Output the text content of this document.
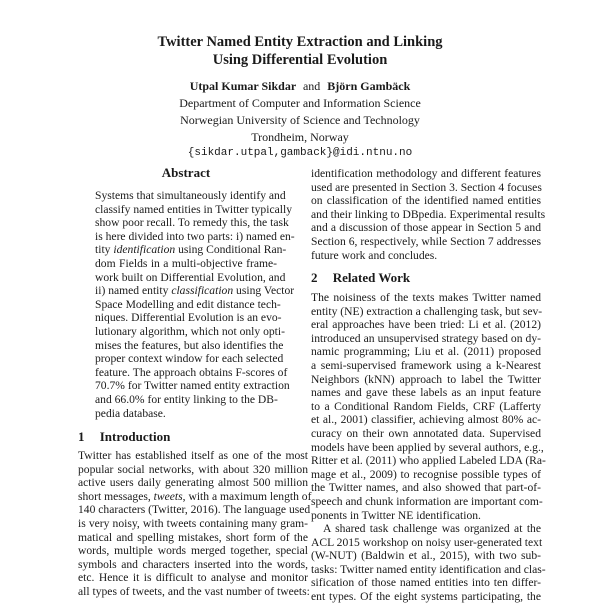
Twitter Named Entity Extraction and Linking
Using Differential Evolution
Utpal Kumar Sikdar and Björn Gambäck
Department of Computer and Information Science
Norwegian University of Science and Technology
Trondheim, Norway
{sikdar.utpal,gamback}@idi.ntnu.no
Abstract
Systems that simultaneously identify and
classify named entities in Twitter typically
show poor recall. To remedy this, the task
is here divided into two parts: i) named en-
tity identification using Conditional Ran-
dom Fields in a multi-objective frame-
work built on Differential Evolution, and
ii) named entity classification using Vector
Space Modelling and edit distance tech-
niques. Differential Evolution is an evo-
lutionary algorithm, which not only opti-
mises the features, but also identifies the
proper context window for each selected
feature. The approach obtains F-scores of
70.7% for Twitter named entity extraction
and 66.0% for entity linking to the DB-
pedia database.
1 Introduction
Twitter has established itself as one of the most
popular social networks, with about 320 million
active users daily generating almost 500 million
short messages, tweets, with a maximum length of
140 characters (Twitter, 2016). The language used
is very noisy, with tweets containing many gram-
matical and spelling mistakes, short form of the
words, multiple words merged together, special
symbols and characters inserted into the words,
etc. Hence it is difficult to analyse and monitor
all types of tweets, and the vast number of tweets:
identification methodology and different features
used are presented in Section 3. Section 4 focuses
on classification of the identified named entities
and their linking to DBpedia. Experimental results
and a discussion of those appear in Section 5 and
Section 6, respectively, while Section 7 addresses
future work and concludes.
2 Related Work
The noisiness of the texts makes Twitter named
entity (NE) extraction a challenging task, but sev-
eral approaches have been tried: Li et al. (2012)
introduced an unsupervised strategy based on dy-
namic programming; Liu et al. (2011) proposed
a semi-supervised framework using a k-Nearest
Neighbors (kNN) approach to label the Twitter
names and gave these labels as an input feature
to a Conditional Random Fields, CRF (Lafferty
et al., 2001) classifier, achieving almost 80% ac-
curacy on their own annotated data. Supervised
models have been applied by several authors, e.g.,
Ritter et al. (2011) who applied Labeled LDA (Ra-
mage et al., 2009) to recognise possible types of
the Twitter names, and also showed that part-of-
speech and chunk information are important com-
ponents in Twitter NE identification.
A shared task challenge was organized at the
ACL 2015 workshop on noisy user-generated text
(W-NUT) (Baldwin et al., 2015), with two sub-
tasks: Twitter named entity identification and clas-
sification of those named entities into ten differ-
ent types. Of the eight systems participating, the
